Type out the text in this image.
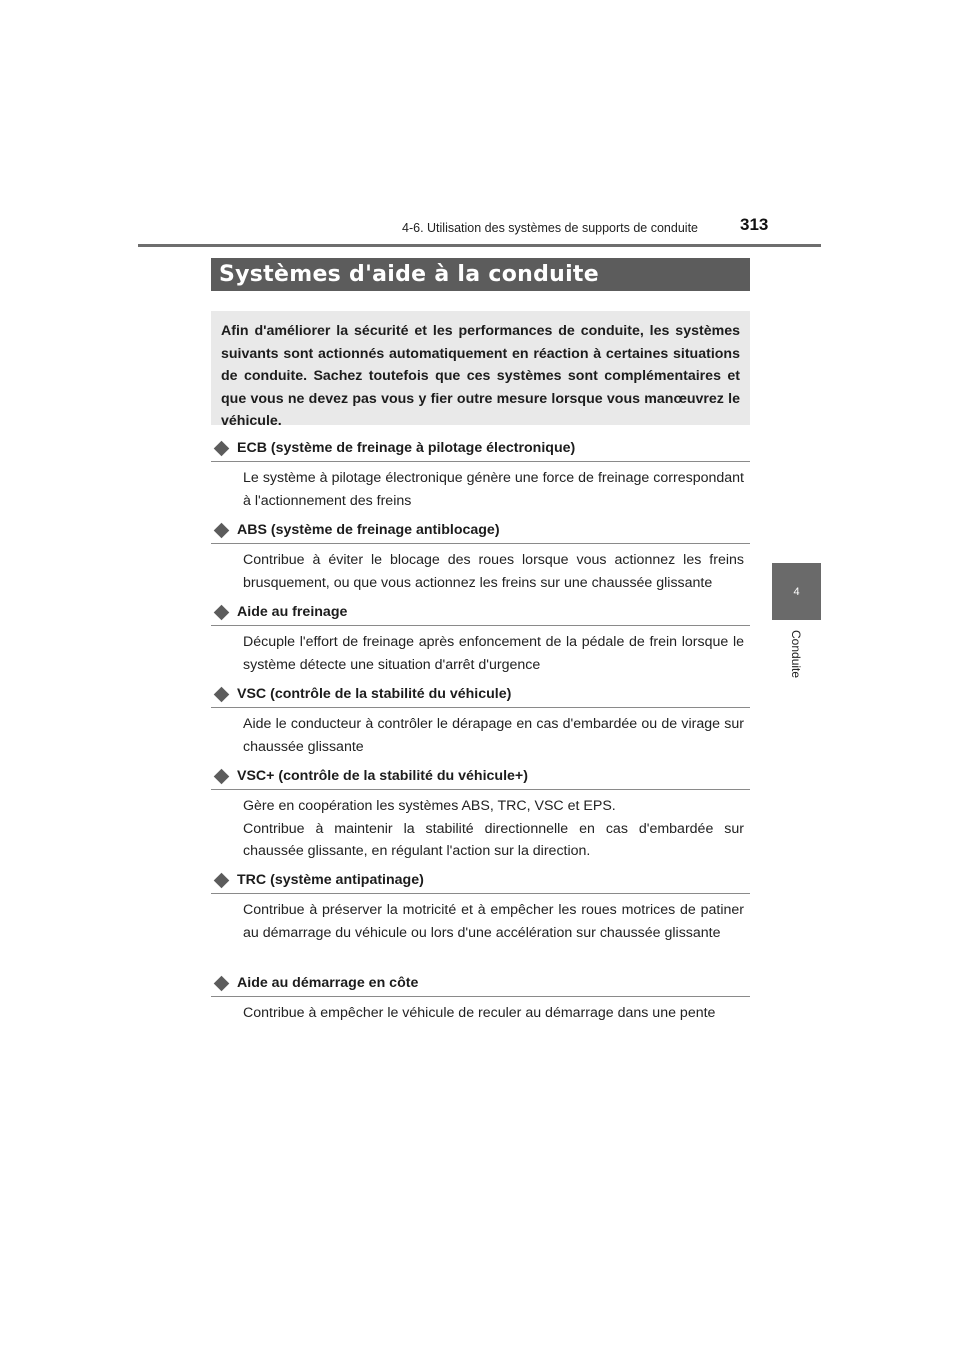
4-6. Utilisation des systèmes de supports de conduite 313
4
Conduite
Systèmes d'aide à la conduite
Afin d'améliorer la sécurité et les performances de conduite, les systèmes suivants sont actionnés automatiquement en réaction à certaines situations de conduite. Sachez toutefois que ces systèmes sont complémentaires et que vous ne devez pas vous y fier outre mesure lorsque vous manœuvrez le véhicule.
ECB (système de freinage à pilotage électronique)

Le système à pilotage électronique génère une force de freinage correspondant à l'actionnement des freins

ABS (système de freinage antiblocage)

Contribue à éviter le blocage des roues lorsque vous actionnez les freins brusquement, ou que vous actionnez les freins sur une chaussée glissante

Aide au freinage

Décuple l'effort de freinage après enfoncement de la pédale de frein lorsque le système détecte une situation d'arrêt d'urgence

VSC (contrôle de la stabilité du véhicule)

Aide le conducteur à contrôler le dérapage en cas d'embardée ou de virage sur chaussée glissante

VSC+ (contrôle de la stabilité du véhicule+)

Gère en coopération les systèmes ABS, TRC, VSC et EPS.

Contribue à maintenir la stabilité directionnelle en cas d'embardée sur chaussée glissante, en régulant l'action sur la direction.

TRC (système antipatinage)

Contribue à préserver la motricité et à empêcher les roues motrices de patiner au démarrage du véhicule ou lors d'une accélération sur chaussée glissante

Aide au démarrage en côte

Contribue à empêcher le véhicule de reculer au démarrage dans une pente
